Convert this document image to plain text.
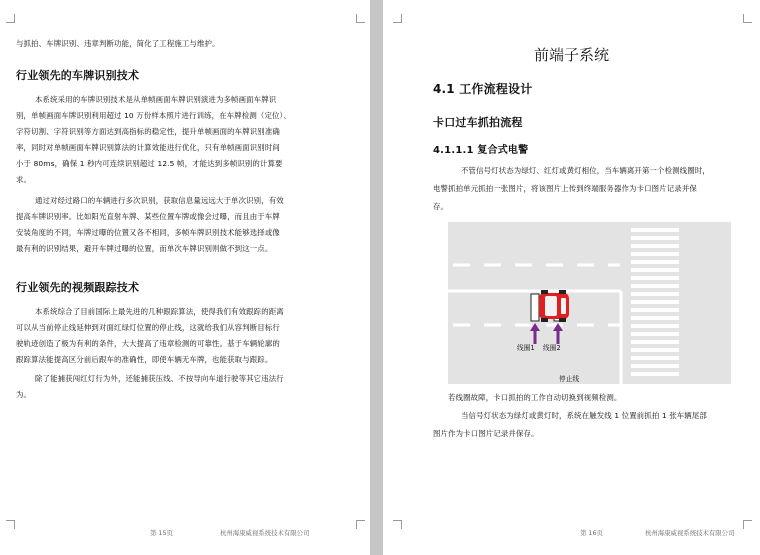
与抓拍、车牌识别、违章判断功能，简化了工程施工与维护。
行业领先的车牌识别技术
本系统采用的车牌识别技术是从单帧画面车牌识别演进为多帧画面车牌识
别，单帧画面车牌识别利用超过 10 万份样本照片进行训练，在车牌检测（定位）、
字符切割、字符识别等方面达到高指标的稳定性，提升单帧画面的车牌识别准确
率，同时对单帧画面车牌识别算法的计算效能进行优化，只有单帧画面识别时间
小于 80ms，确保 1 秒内可连续识别超过 12.5 帧，才能达到多帧识别的计算要
求。
通过对经过路口的车辆进行多次识别，获取信息量远远大于单次识别，有效
提高车牌识别率。比如阳光直射车牌、某些位置车牌或像会过曝，而且由于车牌
安装角度的不同，车牌过曝的位置又各不相同，多帧车牌识别技术能够选择或像
最有利的识别结果，避开车牌过曝的位置，而单次车牌识别则做不到这一点。
行业领先的视频跟踪技术
本系统综合了目前国际上最先进的几种跟踪算法，使得我们有效跟踪的距离
可以从当前停止线延伸到对面红绿灯位置的停止线，这就给我们从容判断目标行
驶轨迹创造了极为有利的条件，大大提高了违章检测的可靠性。基于车辆轮廓的
跟踪算法能提高区分前后跟车的准确性，即使车辆无车牌，也能获取与跟踪。
除了能捕获闯红灯行为外，还能捕获压线、不按导向车道行驶等其它违法行
为。
第 15页	杭州海康威视系统技术有限公司
前端子系统
4.1 工作流程设计
卡口过车抓拍流程
4.1.1.1 复合式电警
不管信号灯状态为绿灯、红灯或黄灯相位，当车辆离开第一个检测线圈时，
电警抓拍单元抓拍一张图片，将该图片上传到终端服务器作为卡口图片记录并保
存。
线圈1 线圈2
停止线
若线圈故障，卡口抓拍的工作自动切换到视频检测。
当信号灯状态为绿灯或黄灯时，系统在触发线 1 位置前抓拍 1 张车辆尾部
图片作为卡口图片记录并保存。
第 16页	杭州海康威视系统技术有限公司
